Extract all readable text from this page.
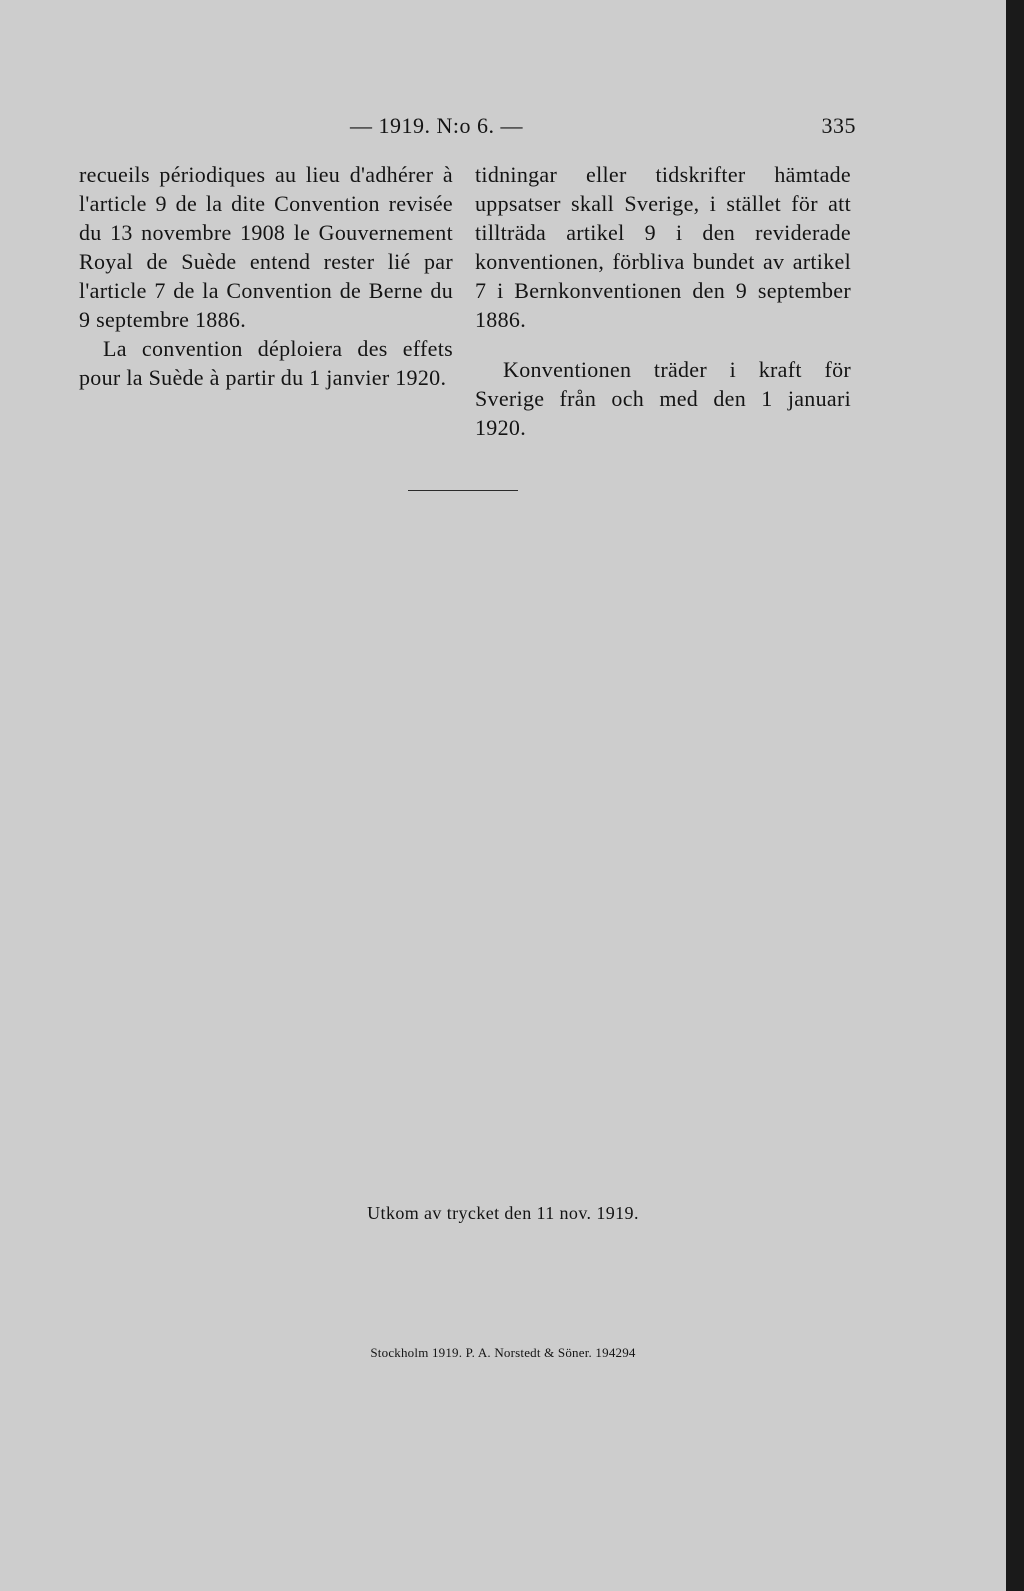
— 1919. N:o 6. —	335

recueils périodiques au lieu d'adhérer à l'article 9 de la dite Convention revisée du 13 novembre 1908 le Gouvernement Royal de Suède entend rester lié par l'article 7 de la Convention de Berne du 9 septembre 1886.

La convention déploiera des effets pour la Suède à partir du 1 janvier 1920.

tidningar eller tidskrifter hämtade uppsatser skall Sverige, i stället för att tillträda artikel 9 i den reviderade konventionen, förbliva bundet av artikel 7 i Bernkonventionen den 9 september 1886.

Konventionen träder i kraft för Sverige från och med den 1 januari 1920.

Utkom av trycket den 11 nov. 1919.
Stockholm 1919. P. A. Norstedt & Söner. 194294
